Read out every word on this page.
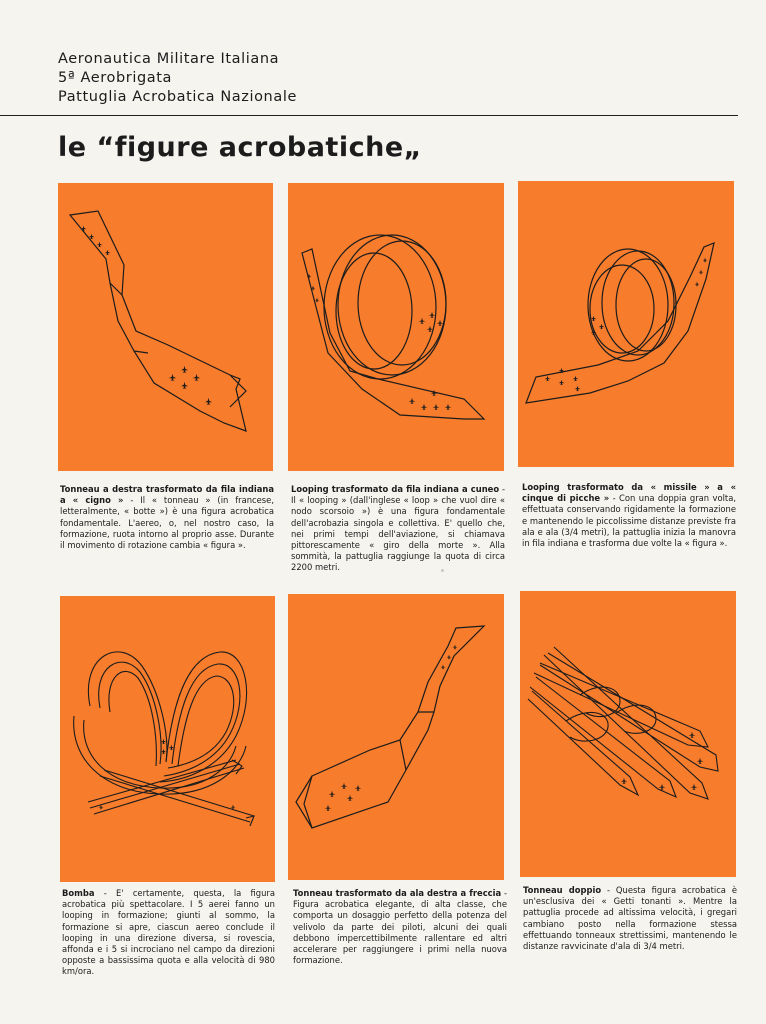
Aeronautica Militare Italiana
5ª Aerobrigata
Pattuglia Acrobatica Nazionale
le “figure acrobatiche„
Tonneau a destra trasformato da fila indiana a « cigno » - Il « tonneau » (in francese, letteralmente, « botte ») è una figura acrobatica fondamentale. L'aereo, o, nel nostro caso, la formazione, ruota intorno al proprio asse. Durante il movimento di rotazione cambia « figura ».
Looping trasformato da fila indiana a cuneo - Il « looping » (dall'inglese « loop » che vuol dire « nodo scorsoio ») è una figura fondamentale dell'acrobazia singola e collettiva. E' quello che, nei primi tempi dell'aviazione, si chiamava pittorescamente « giro della morte ». Alla sommità, la pattuglia raggiunge la quota di circa 2200 metri.
Looping trasformato da « missile » a « cinque di picche » - Con una doppia gran volta, effettuata conservando rigidamente la formazione e mantenendo le piccolissime distanze previste fra ala e ala (3/4 metri), la pattuglia inizia la manovra in fila indiana e trasforma due volte la « figura ».
Bomba - E' certamente, questa, la figura acrobatica più spettacolare. I 5 aerei fanno un looping in formazione; giunti al sommo, la formazione si apre, ciascun aereo conclude il looping in una direzione diversa, si rovescia, affonda e i 5 si incrociano nel campo da direzioni opposte a bassissima quota e alla velocità di 980 km/ora.
Tonneau trasformato da ala destra a freccia - Figura acrobatica elegante, di alta classe, che comporta un dosaggio perfetto della potenza del velivolo da parte dei piloti, alcuni dei quali debbono impercettibilmente rallentare ed altri accelerare per raggiungere i primi nella nuova formazione.
Tonneau doppio - Questa figura acrobatica è un'esclusiva dei « Getti tonanti ». Mentre la pattuglia procede ad altissima velocità, i gregari cambiano posto nella formazione stessa effettuando tonneaux strettissimi, mantenendo le distanze ravvicinate d'ala di 3/4 metri.
